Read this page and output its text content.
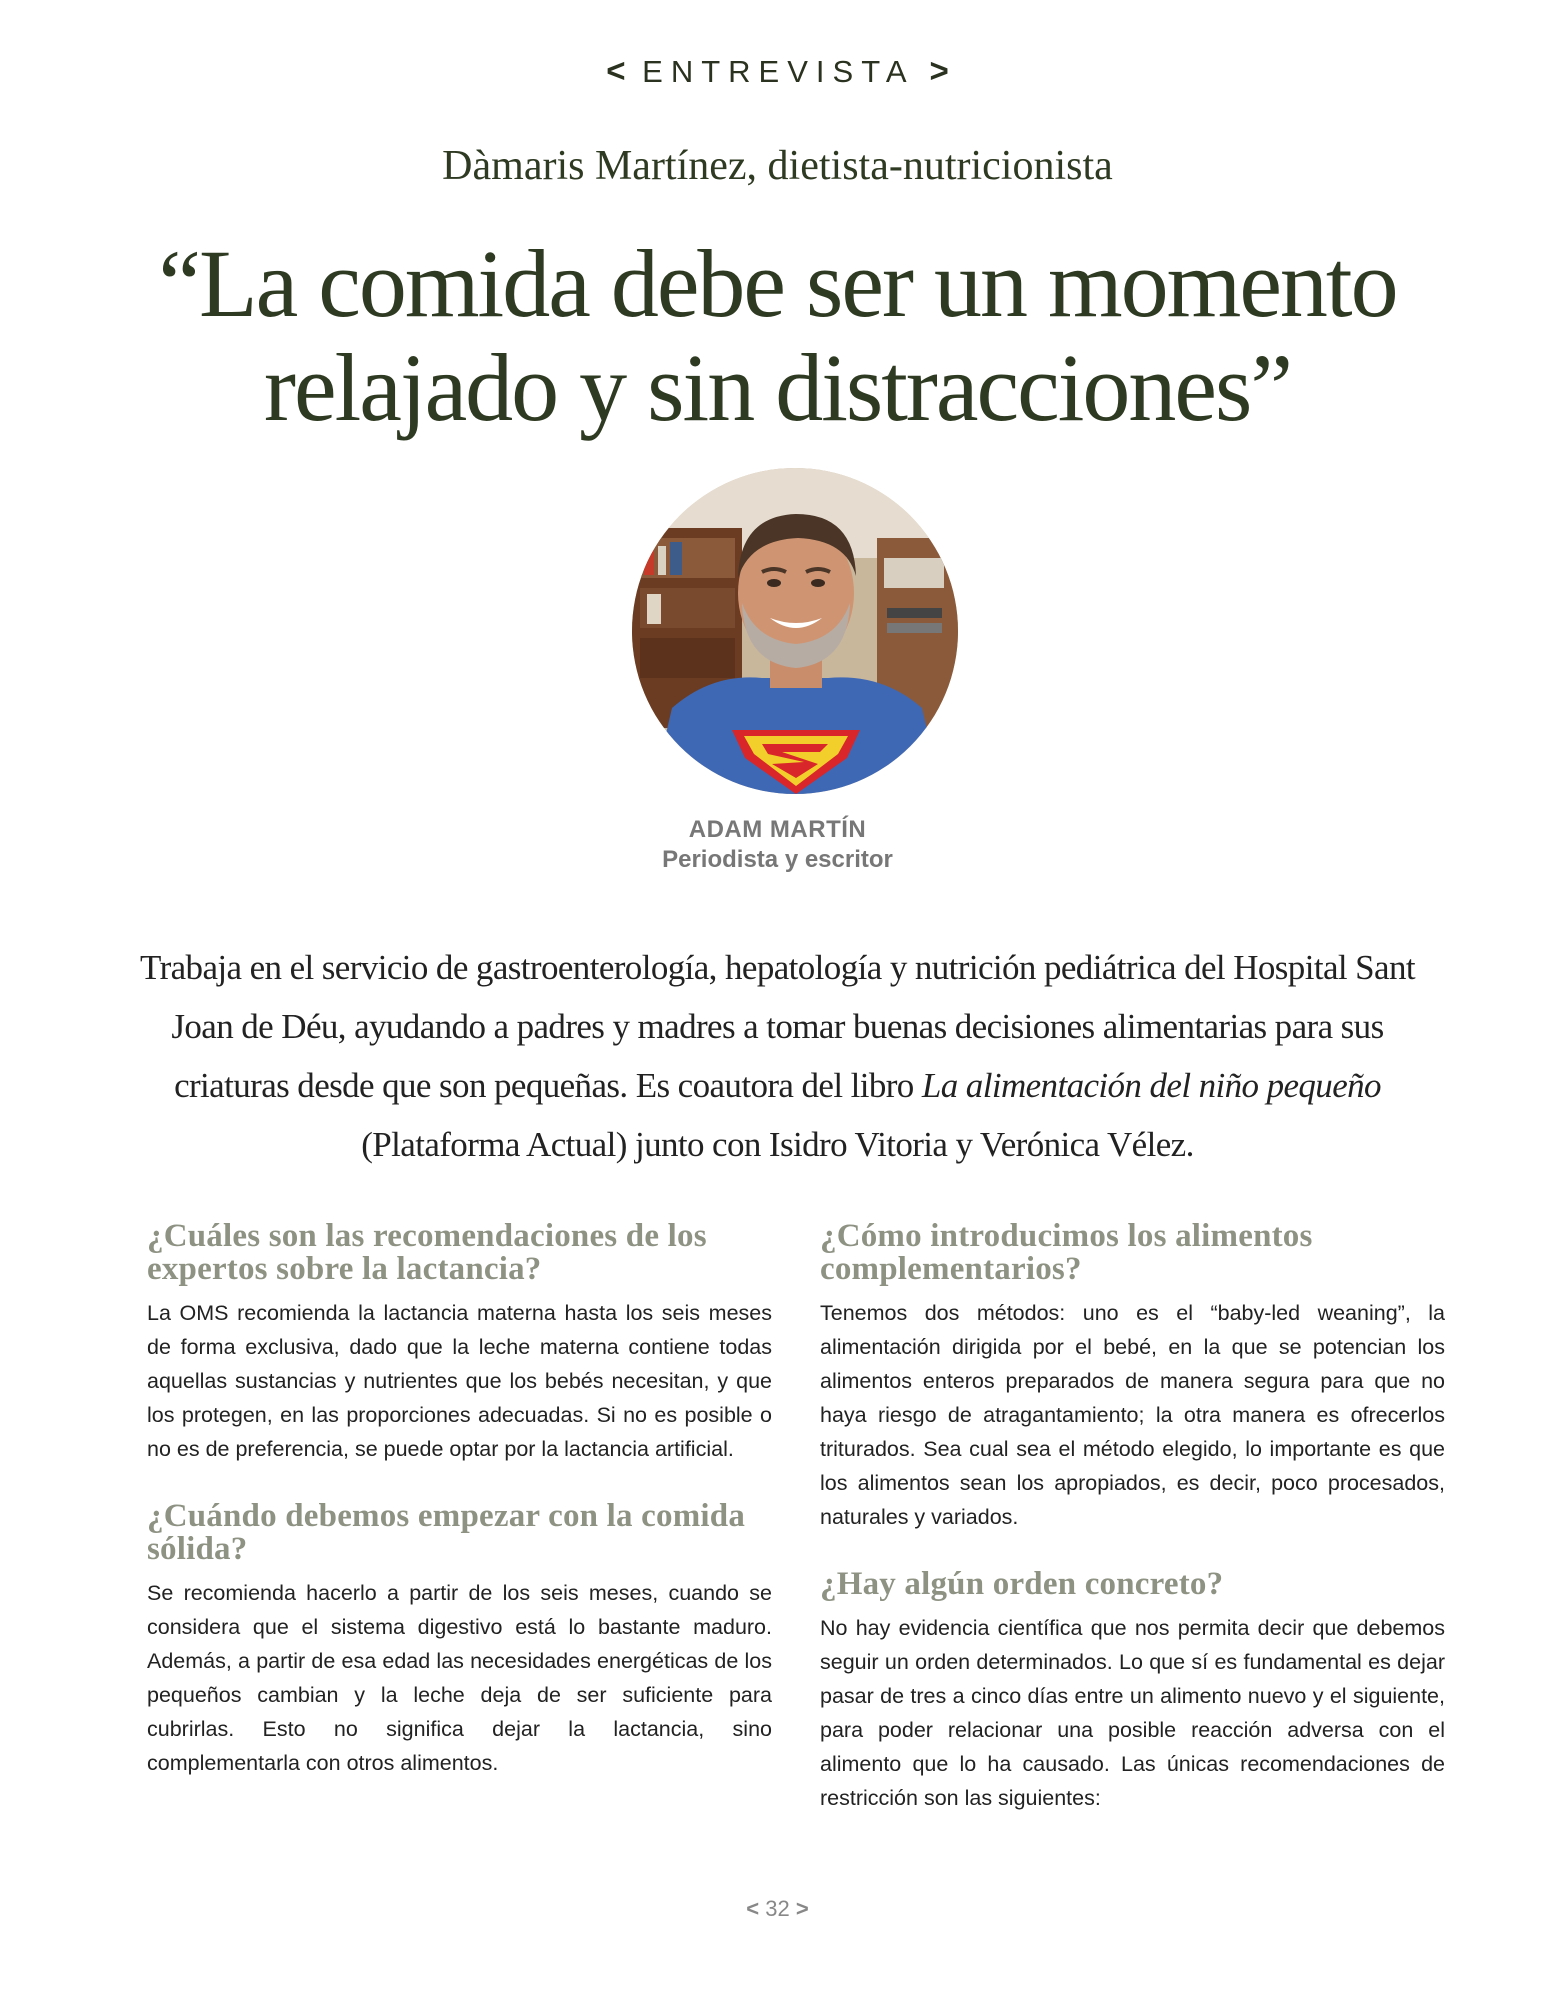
< ENTREVISTA >
Dàmaris Martínez, dietista-nutricionista
“La comida debe ser un momento
relajado y sin distracciones”
ADAM MARTÍN
Periodista y escritor

Trabaja en el servicio de gastroenterología, hepatología y nutrición pediátrica del Hospital Sant Joan de Déu, ayudando a padres y madres a tomar buenas decisiones alimentarias para sus criaturas desde que son pequeñas. Es coautora del libro La alimentación del niño pequeño (Plataforma Actual) junto con Isidro Vitoria y Verónica Vélez.

¿Cuáles son las recomendaciones de los expertos sobre la lactancia?

La OMS recomienda la lactancia materna hasta los seis meses de forma exclusiva, dado que la leche materna contiene todas aquellas sustancias y nutrientes que los bebés necesitan, y que los protegen, en las proporciones adecuadas. Si no es posible o no es de preferencia, se puede optar por la lactancia artificial.

¿Cuándo debemos empezar con la comida sólida?

Se recomienda hacerlo a partir de los seis meses, cuando se considera que el sistema digestivo está lo bastante maduro. Además, a partir de esa edad las necesidades energéticas de los pequeños cambian y la leche deja de ser suficiente para cubrirlas. Esto no significa dejar la lactancia, sino complementarla con otros alimentos.

¿Cómo introducimos los alimentos complementarios?

Tenemos dos métodos: uno es el “baby-led weaning”, la alimentación dirigida por el bebé, en la que se potencian los alimentos enteros preparados de manera segura para que no haya riesgo de atragantamiento; la otra manera es ofrecerlos triturados. Sea cual sea el método elegido, lo importante es que los alimentos sean los apropiados, es decir, poco procesados, naturales y variados.

¿Hay algún orden concreto?

No hay evidencia científica que nos permita decir que debemos seguir un orden determinados. Lo que sí es fundamental es dejar pasar de tres a cinco días entre un alimento nuevo y el siguiente, para poder relacionar una posible reacción adversa con el alimento que lo ha causado. Las únicas recomendaciones de restricción son las siguientes:

< 32 >
